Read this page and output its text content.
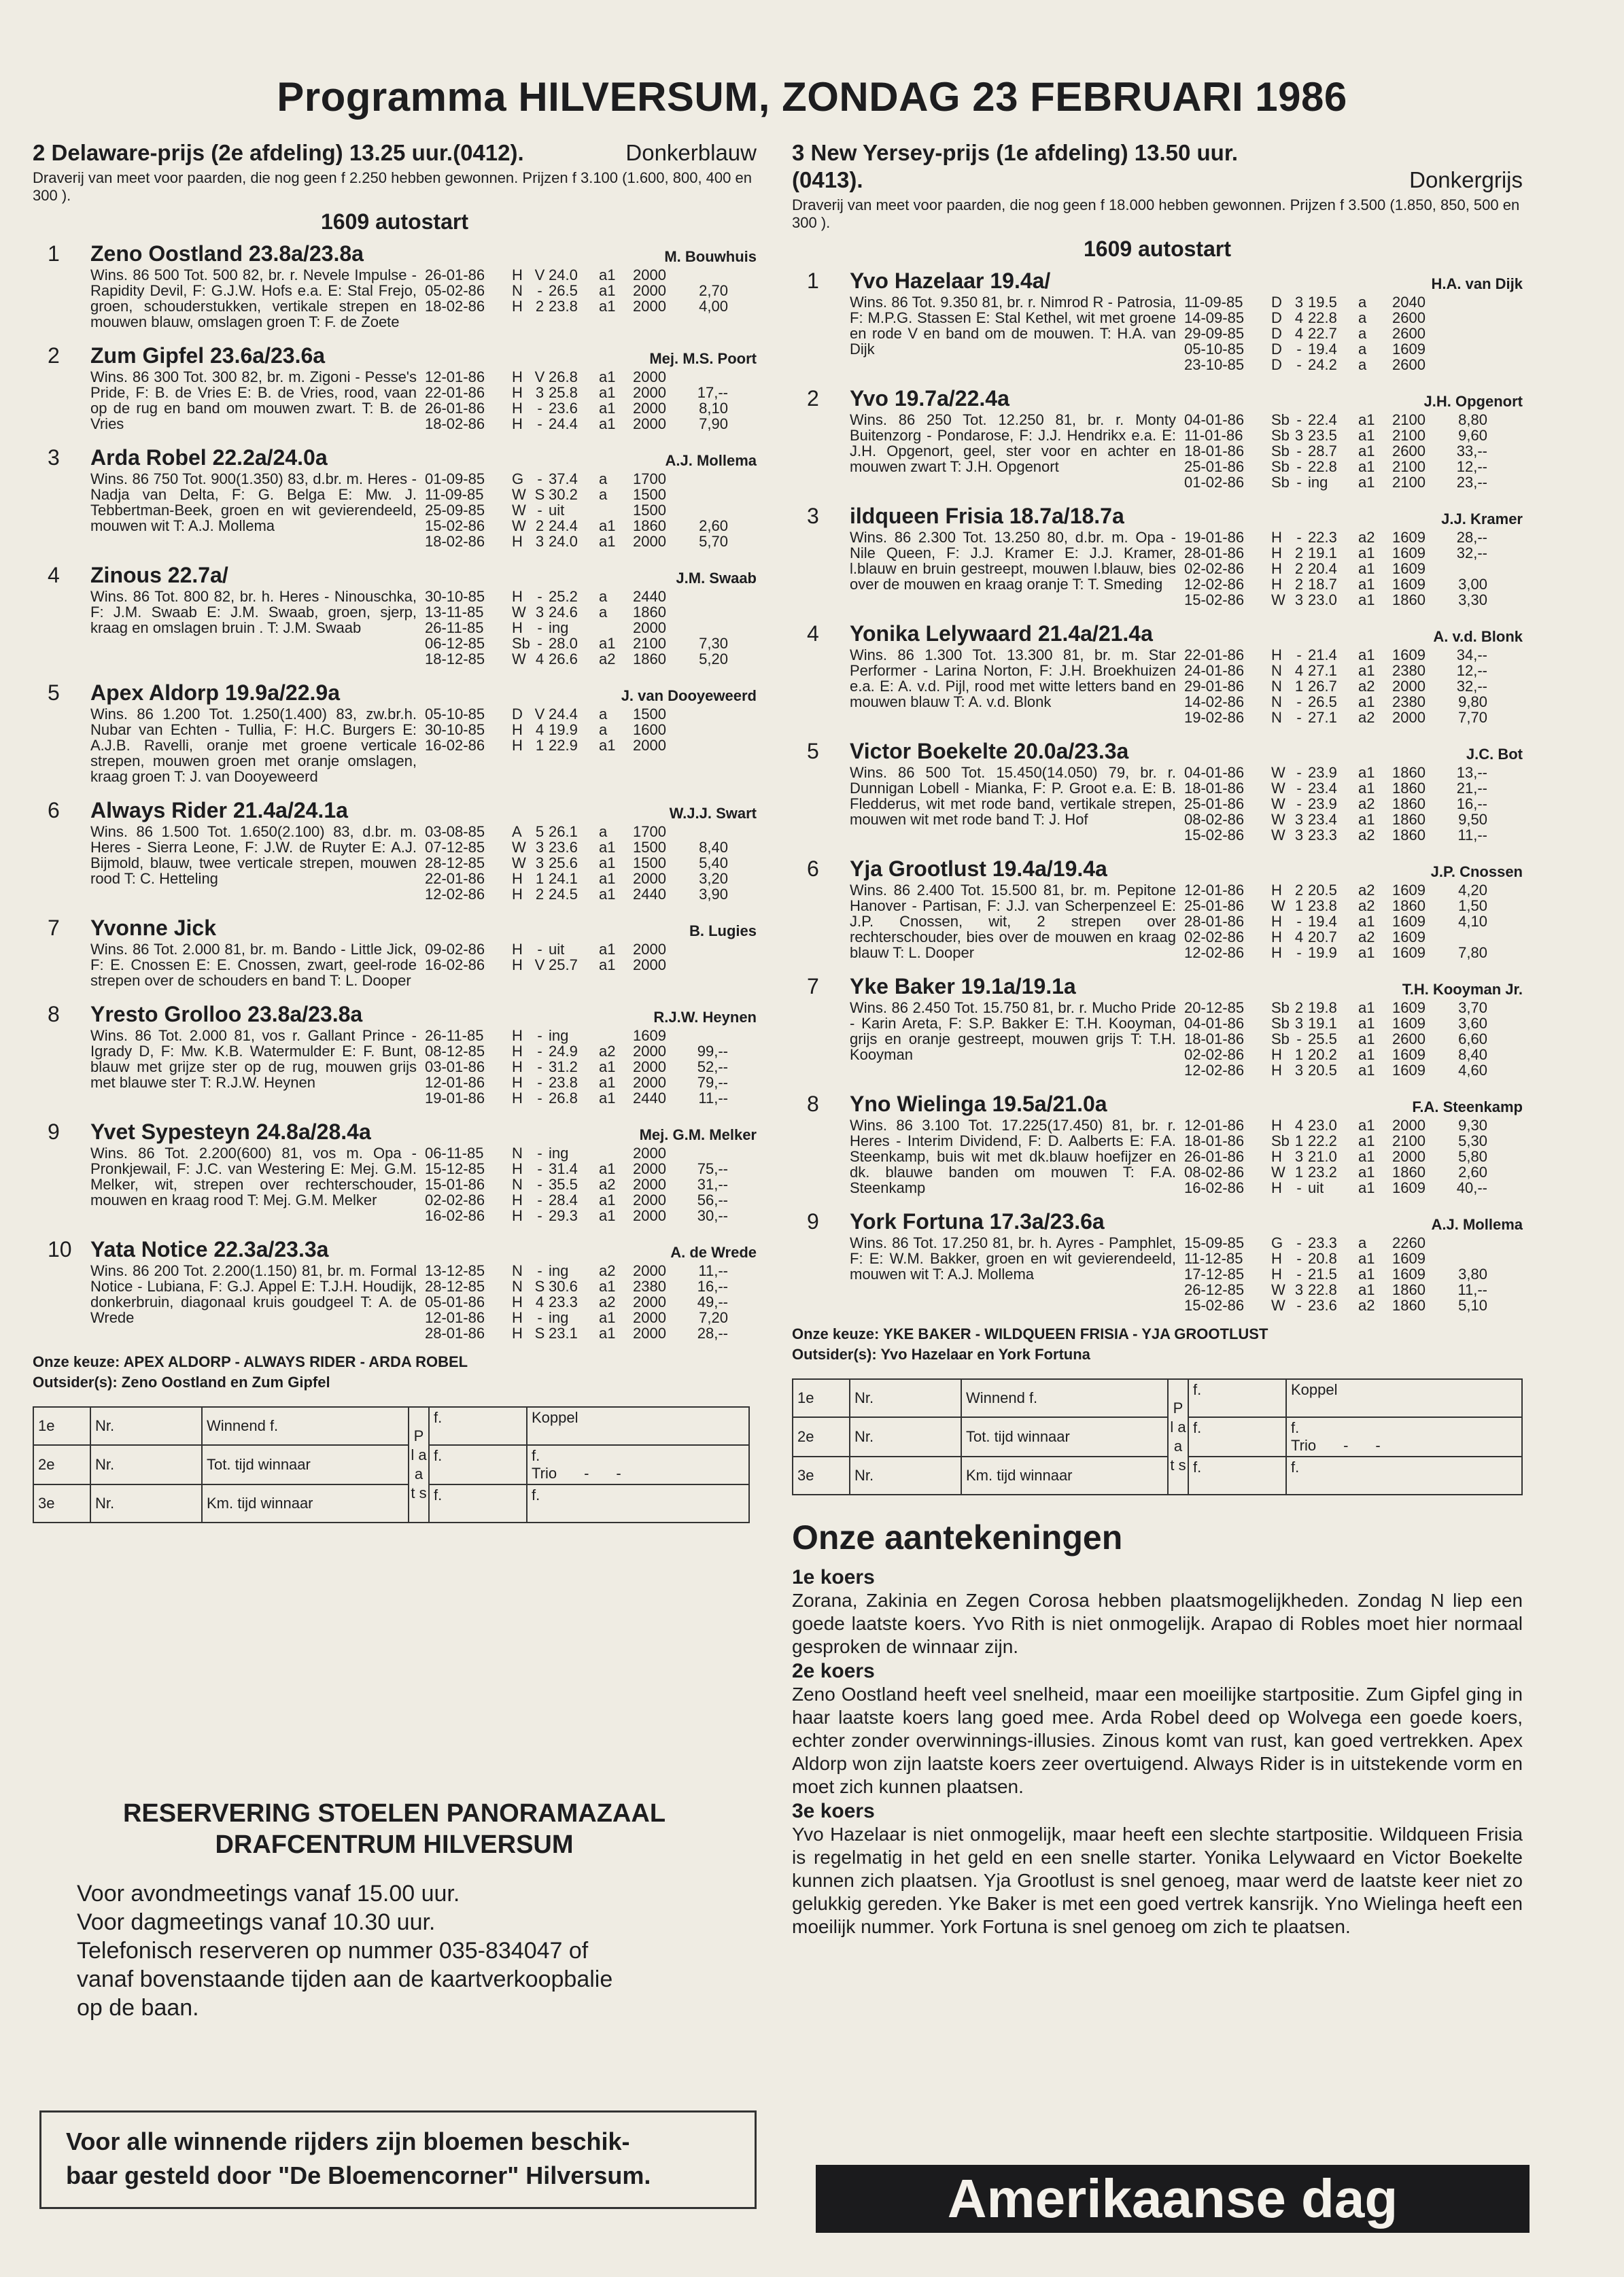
Programma HILVERSUM, ZONDAG 23 FEBRUARI 1986
2 Delaware-prijs (2e afdeling) 13.25 uur.(0412).	Donkerblauw
Draverij van meet voor paarden, die nog geen f 2.250 hebben gewonnen. Prijzen f 3.100 (1.600, 800, 400 en 300 ).
1609 autostart
1 Zeno Oostland 23.8a/23.8a	M. Bouwhuis
Wins. 86 500 Tot. 500 82, br. r. Nevele Impulse - Rapidity Devil, F: G.J.W. Hofs e.a. E: Stal Frejo, groen, schouderstukken, vertikale strepen en mouwen blauw, omslagen groen T: F. de Zoete
26-01-86	H V 24.0	a1	2000
05-02-86	N - 26.5	a1	2000	2,70
18-02-86	H 2 23.8	a1	2000	4,00
2 Zum Gipfel 23.6a/23.6a	Mej. M.S. Poort
Wins. 86 300 Tot. 300 82, br. m. Zigoni - Pesse's Pride, F: B. de Vries E: B. de Vries, rood, vaan op de rug en band om mouwen zwart. T: B. de Vries
12-01-86	H V 26.8	a1	2000
22-01-86	H 3 25.8	a1	2000	17,--
26-01-86	H - 23.6	a1	2000	8,10
18-02-86	H - 24.4	a1	2000	7,90
3 Arda Robel 22.2a/24.0a	A.J. Mollema
Wins. 86 750 Tot. 900(1.350) 83, d.br. m. Heres - Nadja van Delta, F: G. Belga E: Mw. J. Tebbertman-Beek, groen en wit gevierendeeld, mouwen wit T: A.J. Mollema
01-09-85	G - 37.4	a	1700
11-09-85	W S 30.2	a	1500
25-09-85	W - uit	1500
15-02-86	W 2 24.4	a1	1860	2,60
18-02-86	H 3 24.0	a1	2000	5,70
4 Zinous 22.7a/	J.M. Swaab
Wins. 86 Tot. 800 82, br. h. Heres - Ninouschka, F: J.M. Swaab E: J.M. Swaab, groen, sjerp, kraag en omslagen bruin . T: J.M. Swaab
30-10-85	H - 25.2	a	2440
13-11-85	W 3 24.6	a	1860
26-11-85	H - ing	2000
06-12-85	Sb - 28.0	a1	2100	7,30
18-12-85	W 4 26.6	a2	1860	5,20
5 Apex Aldorp 19.9a/22.9a	J. van Dooyeweerd
Wins. 86 1.200 Tot. 1.250(1.400) 83, zw.br.h. Nubar van Echten - Tullia, F: H.C. Burgers E: A.J.B. Ravelli, oranje met groene verticale strepen, mouwen groen met oranje omslagen, kraag groen T: J. van Dooyeweerd
05-10-85	D V 24.4	a	1500
30-10-85	H 4 19.9	a	1600
16-02-86	H 1 22.9	a1	2000
6 Always Rider 21.4a/24.1a	W.J.J. Swart
Wins. 86 1.500 Tot. 1.650(2.100) 83, d.br. m. Heres - Sierra Leone, F: J.W. de Ruyter E: A.J. Bijmold, blauw, twee verticale strepen, mouwen rood T: C. Hetteling
03-08-85	A 5 26.1	a	1700
07-12-85	W 3 23.6	a1	1500	8,40
28-12-85	W 3 25.6	a1	1500	5,40
22-01-86	H 1 24.1	a1	2000	3,20
12-02-86	H 2 24.5	a1	2440	3,90
7 Yvonne Jick	B. Lugies
Wins. 86 Tot. 2.000 81, br. m. Bando - Little Jick, F: E. Cnossen E: E. Cnossen, zwart, geel-rode strepen over de schouders en band T: L. Dooper
09-02-86	H - uit	a1	2000
16-02-86	H V 25.7	a1	2000
8 Yresto Grolloo 23.8a/23.8a	R.J.W. Heynen
Wins. 86 Tot. 2.000 81, vos r. Gallant Prince - Igrady D, F: Mw. K.B. Watermulder E: F. Bunt, blauw met grijze ster op de rug, mouwen grijs met blauwe ster T: R.J.W. Heynen
26-11-85	H - ing	1609
08-12-85	H - 24.9	a2	2000	99,--
03-01-86	H - 31.2	a1	2000	52,--
12-01-86	H - 23.8	a1	2000	79,--
19-01-86	H - 26.8	a1	2440	11,--
9 Yvet Sypesteyn 24.8a/28.4a	Mej. G.M. Melker
Wins. 86 Tot. 2.200(600) 81, vos m. Opa - Pronkjewail, F: J.C. van Westering E: Mej. G.M. Melker, wit, strepen over rechterschouder, mouwen en kraag rood T: Mej. G.M. Melker
06-11-85	N - ing	2000
15-12-85	H - 31.4	a1	2000	75,--
15-01-86	N - 35.5	a2	2000	31,--
02-02-86	H - 28.4	a1	2000	56,--
16-02-86	H - 29.3	a1	2000	30,--
10 Yata Notice 22.3a/23.3a	A. de Wrede
Wins. 86 200 Tot. 2.200(1.150) 81, br. m. Formal Notice - Lubiana, F: G.J. Appel E: T.J.H. Houdijk, donkerbruin, diagonaal kruis goudgeel T: A. de Wrede
13-12-85	N - ing	a2	2000	11,--
28-12-85	N S 30.6	a1	2380	16,--
05-01-86	H 4 23.3	a2	2000	49,--
12-01-86	H - ing	a1	2000	7,20
28-01-86	H S 23.1	a1	2000	28,--
Onze keuze: APEX ALDORP - ALWAYS RIDER - ARDA ROBEL
Outsider(s): Zeno Oostland en Zum Gipfel
1e	Nr.	Winnend f.	P l a a t s	f.	Koppel

2e	Nr.	Tot. tijd winnaar		f.	f.
Trio - -

3e	Nr.	Km. tijd winnaar		f.	f.
3 New Yersey-prijs (1e afdeling) 13.50 uur.(0413).	Donkergrijs
Draverij van meet voor paarden, die nog geen f 18.000 hebben gewonnen. Prijzen f 3.500 (1.850, 850, 500 en 300 ).
1609 autostart
1 Yvo Hazelaar 19.4a/	H.A. van Dijk
Wins. 86 Tot. 9.350 81, br. r. Nimrod R - Patrosia, F: M.P.G. Stassen E: Stal Kethel, wit met groene en rode V en band om de mouwen. T: H.A. van Dijk
11-09-85	D 3 19.5	a	2040
14-09-85	D 4 22.8	a	2600
29-09-85	D 4 22.7	a	2600
05-10-85	D - 19.4	a	1609
23-10-85	D - 24.2	a	2600
2 Yvo 19.7a/22.4a	J.H. Opgenort
Wins. 86 250 Tot. 12.250 81, br. r. Monty Buitenzorg - Pondarose, F: J.J. Hendrikx e.a. E: J.H. Opgenort, geel, ster voor en achter en mouwen zwart T: J.H. Opgenort
04-01-86	Sb - 22.4	a1	2100	8,80
11-01-86	Sb 3 23.5	a1	2100	9,60
18-01-86	Sb - 28.7	a1	2600	33,--
25-01-86	Sb - 22.8	a1	2100	12,--
01-02-86	Sb - ing	a1	2100	23,--
3 ildqueen Frisia 18.7a/18.7a	J.J. Kramer
Wins. 86 2.300 Tot. 13.250 80, d.br. m. Opa - Nile Queen, F: J.J. Kramer E: J.J. Kramer, l.blauw en bruin gestreept, mouwen l.blauw, bies over de mouwen en kraag oranje T: T. Smeding
19-01-86	H - 22.3	a2	1609	28,--
28-01-86	H 2 19.1	a1	1609	32,--
02-02-86	H 2 20.4	a1	1609
12-02-86	H 2 18.7	a1	1609	3,00
15-02-86	W 3 23.0	a1	1860	3,30
4 Yonika Lelywaard 21.4a/21.4a	A. v.d. Blonk
Wins. 86 1.300 Tot. 13.300 81, br. m. Star Performer - Larina Norton, F: J.H. Broekhuizen e.a. E: A. v.d. Pijl, rood met witte letters band en mouwen blauw T: A. v.d. Blonk
22-01-86	H - 21.4	a1	1609	34,--
24-01-86	N 4 27.1	a1	2380	12,--
29-01-86	N 1 26.7	a2	2000	32,--
14-02-86	N - 26.5	a1	2380	9,80
19-02-86	N - 27.1	a2	2000	7,70
5 Victor Boekelte 20.0a/23.3a	J.C. Bot
Wins. 86 500 Tot. 15.450(14.050) 79, br. r. Dunnigan Lobell - Mianka, F: P. Groot e.a. E: B. Fledderus, wit met rode band, vertikale strepen, mouwen wit met rode band T: J. Hof
04-01-86	W - 23.9	a1	1860	13,--
18-01-86	W - 23.4	a1	1860	21,--
25-01-86	W - 23.9	a2	1860	16,--
08-02-86	W 3 23.4	a1	1860	9,50
15-02-86	W 3 23.3	a2	1860	11,--
6 Yja Grootlust 19.4a/19.4a	J.P. Cnossen
Wins. 86 2.400 Tot. 15.500 81, br. m. Pepitone Hanover - Partisan, F: J.J. van Scherpenzeel E: J.P. Cnossen, wit, 2 strepen over rechterschouder, bies over de mouwen en kraag blauw T: L. Dooper
12-01-86	H 2 20.5	a2	1609	4,20
25-01-86	W 1 23.8	a2	1860	1,50
28-01-86	H - 19.4	a1	1609	4,10
02-02-86	H 4 20.7	a2	1609
12-02-86	H - 19.9	a1	1609	7,80
7 Yke Baker 19.1a/19.1a	T.H. Kooyman Jr.
Wins. 86 2.450 Tot. 15.750 81, br. r. Mucho Pride - Karin Areta, F: S.P. Bakker E: T.H. Kooyman, grijs en oranje gestreept, mouwen grijs T: T.H. Kooyman
20-12-85	Sb 2 19.8	a1	1609	3,70
04-01-86	Sb 3 19.1	a1	1609	3,60
18-01-86	Sb - 25.5	a1	2600	6,60
02-02-86	H 1 20.2	a1	1609	8,40
12-02-86	H 3 20.5	a1	1609	4,60
8 Yno Wielinga 19.5a/21.0a	F.A. Steenkamp
Wins. 86 3.100 Tot. 17.225(17.450) 81, br. r. Heres - Interim Dividend, F: D. Aalberts E: F.A. Steenkamp, buis wit met dk.blauw hoefijzer en dk. blauwe banden om mouwen T: F.A. Steenkamp
12-01-86	H 4 23.0	a1	2000	9,30
18-01-86	Sb 1 22.2	a1	2100	5,30
26-01-86	H 3 21.0	a1	2000	5,80
08-02-86	W 1 23.2	a1	1860	2,60
16-02-86	H - uit	a1	1609	40,--
9 York Fortuna 17.3a/23.6a	A.J. Mollema
Wins. 86 Tot. 17.250 81, br. h. Ayres - Pamphlet, F: E: W.M. Bakker, groen en wit gevierendeeld, mouwen wit T: A.J. Mollema
15-09-85	G - 23.3	a	2260
11-12-85	H - 20.8	a1	1609
17-12-85	H - 21.5	a1	1609	3,80
26-12-85	W 3 22.8	a1	1860	11,--
15-02-86	W - 23.6	a2	1860	5,10
Onze keuze: YKE BAKER - WILDQUEEN FRISIA - YJA GROOTLUST
Outsider(s): Yvo Hazelaar en York Fortuna
1e	Nr.	Winnend f.	P l a a t s	f.	Koppel

2e	Nr.	Tot. tijd winnaar		f.	f.
Trio - -

3e	Nr.	Km. tijd winnaar		f.	f.
Onze aantekeningen
1e koers

Zorana, Zakinia en Zegen Corosa hebben plaatsmogelijkheden. Zondag N liep een goede laatste koers. Yvo Rith is niet onmogelijk. Arapao di Robles moet hier normaal gesproken de winnaar zijn.

2e koers

Zeno Oostland heeft veel snelheid, maar een moeilijke startpositie. Zum Gipfel ging in haar laatste koers lang goed mee. Arda Robel deed op Wolvega een goede koers, echter zonder overwinnings-illusies. Zinous komt van rust, kan goed vertrekken. Apex Aldorp won zijn laatste koers zeer overtuigend. Always Rider is in uitstekende vorm en moet zich kunnen plaatsen.

3e koers

Yvo Hazelaar is niet onmogelijk, maar heeft een slechte startpositie. Wildqueen Frisia is regelmatig in het geld en een snelle starter. Yonika Lelywaard en Victor Boekelte kunnen zich plaatsen. Yja Grootlust is snel genoeg, maar werd de laatste keer niet zo gelukkig gereden. Yke Baker is met een goed vertrek kansrijk. Yno Wielinga heeft een moeilijk nummer. York Fortuna is snel genoeg om zich te plaatsen.

RESERVERING STOELEN PANORAMAZAAL
DRAFCENTRUM HILVERSUM
Voor avondmeetings vanaf 15.00 uur.
Voor dagmeetings vanaf 10.30 uur.
Telefonisch reserveren op nummer 035-834047 of
vanaf bovenstaande tijden aan de kaartverkoopbalie
op de baan.
Voor alle winnende rijders zijn bloemen beschik-
baar gesteld door "De Bloemencorner" Hilversum.	Amerikaanse dag
